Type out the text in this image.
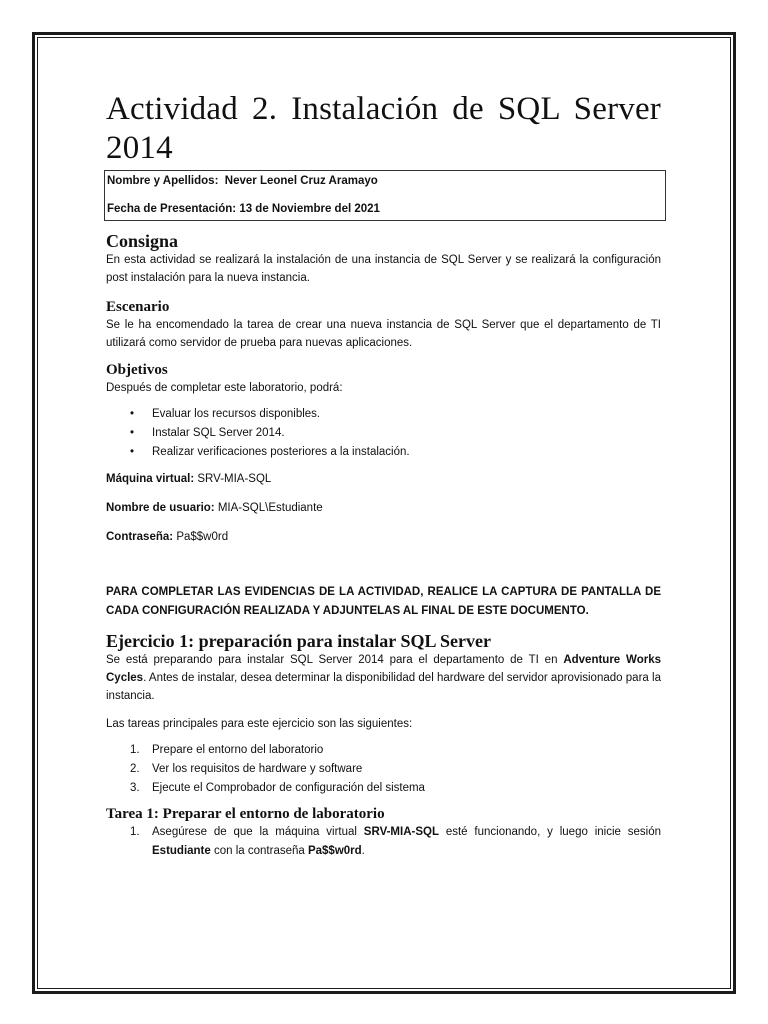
Actividad 2. Instalación de SQL Server 2014

Nombre y Apellidos: Never Leonel Cruz Aramayo

Fecha de Presentación: 13 de Noviembre del 2021

Consigna

En esta actividad se realizará la instalación de una instancia de SQL Server y se realizará la configuración post instalación para la nueva instancia.

Escenario

Se le ha encomendado la tarea de crear una nueva instancia de SQL Server que el departamento de TI utilizará como servidor de prueba para nuevas aplicaciones.

Objetivos

Después de completar este laboratorio, podrá:

• Evaluar los recursos disponibles.
• Instalar SQL Server 2014.
• Realizar verificaciones posteriores a la instalación.

Máquina virtual: SRV-MIA-SQL

Nombre de usuario: MIA-SQL\Estudiante

Contraseña: Pa$$w0rd

PARA COMPLETAR LAS EVIDENCIAS DE LA ACTIVIDAD, REALICE LA CAPTURA DE PANTALLA DE CADA CONFIGURACIÓN REALIZADA Y ADJUNTELAS AL FINAL DE ESTE DOCUMENTO.

Ejercicio 1: preparación para instalar SQL Server

Se está preparando para instalar SQL Server 2014 para el departamento de TI en Adventure Works Cycles. Antes de instalar, desea determinar la disponibilidad del hardware del servidor aprovisionado para la instancia.

Las tareas principales para este ejercicio son las siguientes:

1. Prepare el entorno del laboratorio
2. Ver los requisitos de hardware y software
3. Ejecute el Comprobador de configuración del sistema
Tarea 1: Preparar el entorno de laboratorio
1. Asegúrese de que la máquina virtual SRV-MIA-SQL esté funcionando, y luego inicie sesión Estudiante con la contraseña Pa$$w0rd.
